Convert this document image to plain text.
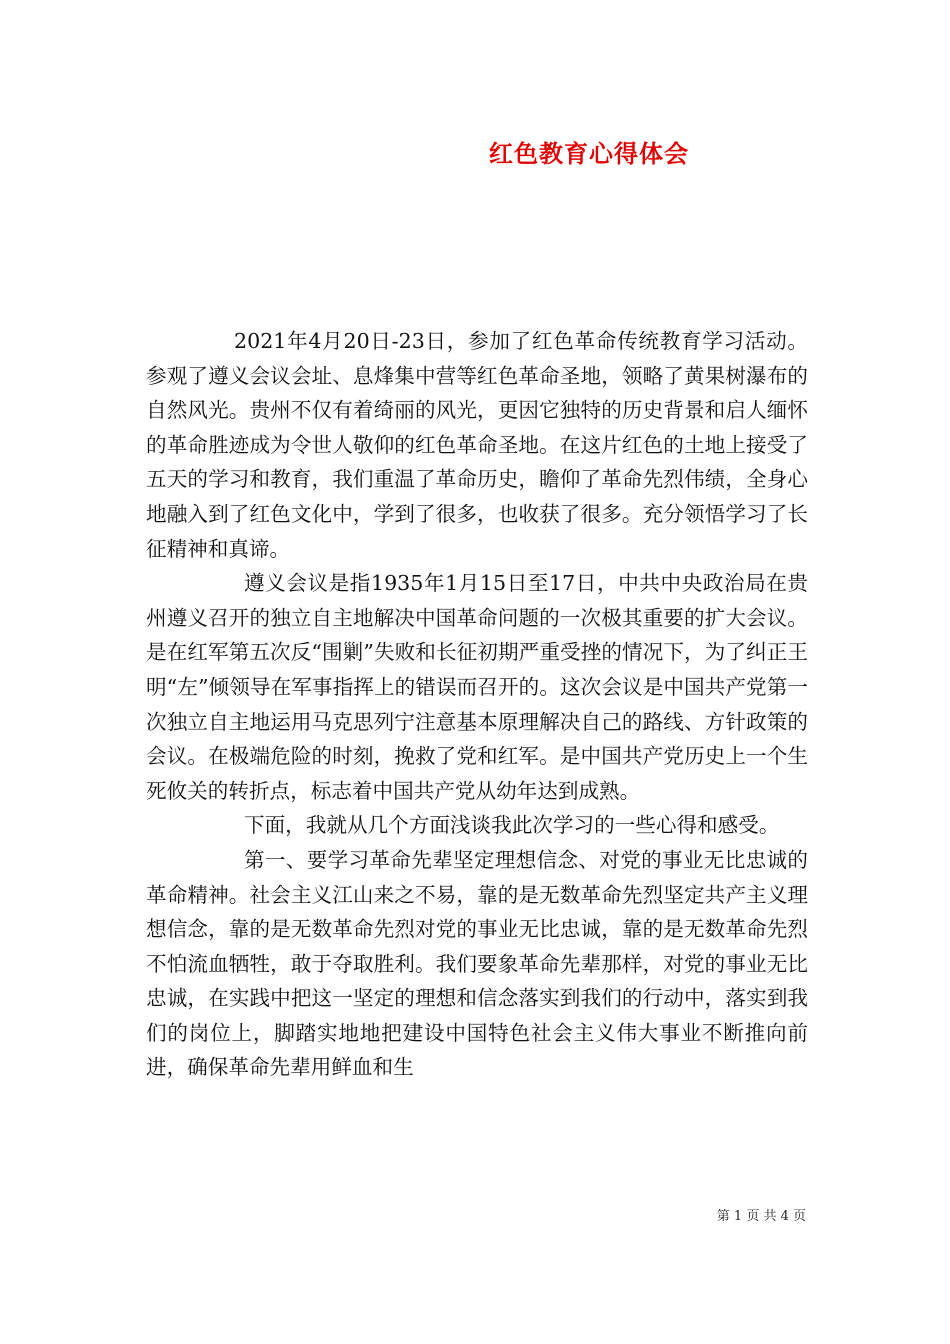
红色教育心得体会

2021年4月20日-23日，参加了红色革命传统教育学习活动。参观了遵义会议会址、息烽集中营等红色革命圣地，领略了黄果树瀑布的自然风光。贵州不仅有着绮丽的风光，更因它独特的历史背景和启人缅怀的革命胜迹成为令世人敬仰的红色革命圣地。在这片红色的土地上接受了五天的学习和教育，我们重温了革命历史，瞻仰了革命先烈伟绩，全身心地融入到了红色文化中，学到了很多，也收获了很多。充分领悟学习了长征精神和真谛。

遵义会议是指1935年1月15日至17日，中共中央政治局在贵州遵义召开的独立自主地解决中国革命问题的一次极其重要的扩大会议。是在红军第五次反“围剿”失败和长征初期严重受挫的情况下，为了纠正王明“左”倾领导在军事指挥上的错误而召开的。这次会议是中国共产党第一次独立自主地运用马克思列宁注意基本原理解决自己的路线、方针政策的会议。在极端危险的时刻，挽救了党和红军。是中国共产党历史上一个生死攸关的转折点，标志着中国共产党从幼年达到成熟。

下面，我就从几个方面浅谈我此次学习的一些心得和感受。

第一、要学习革命先辈坚定理想信念、对党的事业无比忠诚的革命精神。社会主义江山来之不易，靠的是无数革命先烈坚定共产主义理想信念，靠的是无数革命先烈对党的事业无比忠诚，靠的是无数革命先烈不怕流血牺牲，敢于夺取胜利。我们要象革命先辈那样，对党的事业无比忠诚，在实践中把这一坚定的理想和信念落实到我们的行动中，落实到我们的岗位上，脚踏实地地把建设中国特色社会主义伟大事业不断推向前进，确保革命先辈用鲜血和生

第 1 页 共 4 页
